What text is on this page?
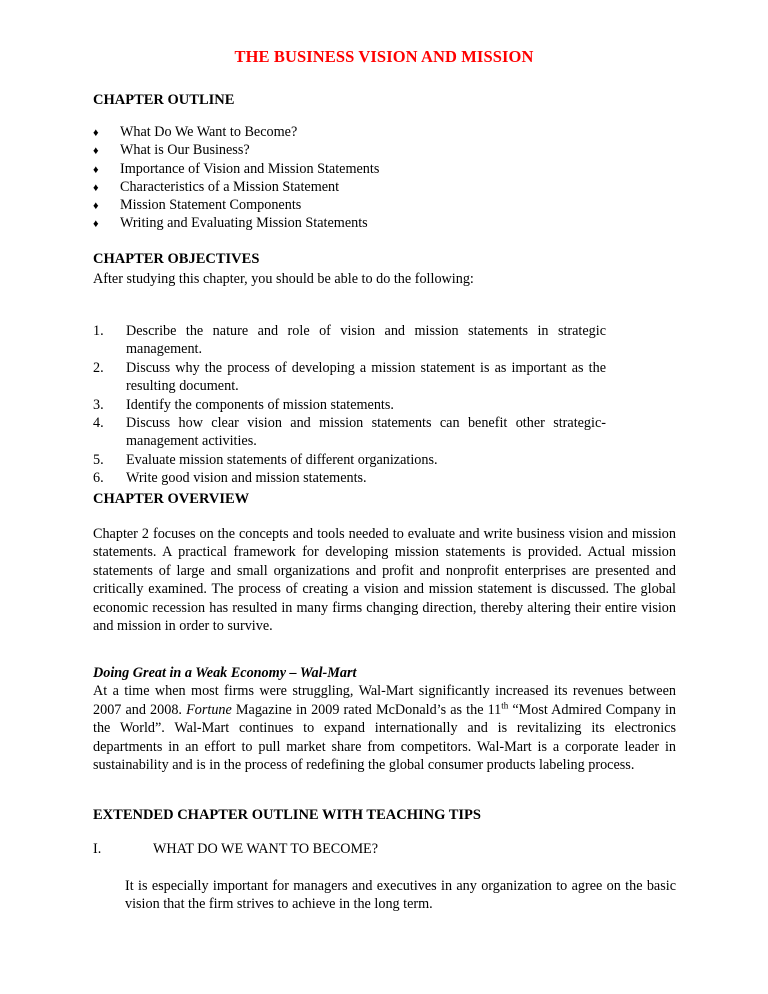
THE BUSINESS VISION AND MISSION
CHAPTER OUTLINE
♦ What Do We Want to Become?
♦ What is Our Business?
♦ Importance of Vision and Mission Statements
♦ Characteristics of a Mission Statement
♦ Mission Statement Components
♦ Writing and Evaluating Mission Statements
CHAPTER OBJECTIVES
After studying this chapter, you should be able to do the following:
1.	Describe the nature and role of vision and mission statements in strategic management.
2.	Discuss why the process of developing a mission statement is as important as the resulting document.
3.	Identify the components of mission statements.
4.	Discuss how clear vision and mission statements can benefit other strategic-management activities.
5.	Evaluate mission statements of different organizations.
6.	Write good vision and mission statements.
CHAPTER OVERVIEW
Chapter 2 focuses on the concepts and tools needed to evaluate and write business vision and mission statements. A practical framework for developing mission statements is provided. Actual mission statements of large and small organizations and profit and nonprofit enterprises are presented and critically examined. The process of creating a vision and mission statement is discussed. The global economic recession has resulted in many firms changing direction, thereby altering their entire vision and mission in order to survive.
Doing Great in a Weak Economy – Wal-Mart
At a time when most firms were struggling, Wal-Mart significantly increased its revenues between 2007 and 2008. Fortune Magazine in 2009 rated McDonald’s as the 11th “Most Admired Company in the World”. Wal-Mart continues to expand internationally and is revitalizing its electronics departments in an effort to pull market share from competitors. Wal-Mart is a corporate leader in sustainability and is in the process of redefining the global consumer products labeling process.
EXTENDED CHAPTER OUTLINE WITH TEACHING TIPS
I.	WHAT DO WE WANT TO BECOME?
It is especially important for managers and executives in any organization to agree on the basic vision that the firm strives to achieve in the long term.
